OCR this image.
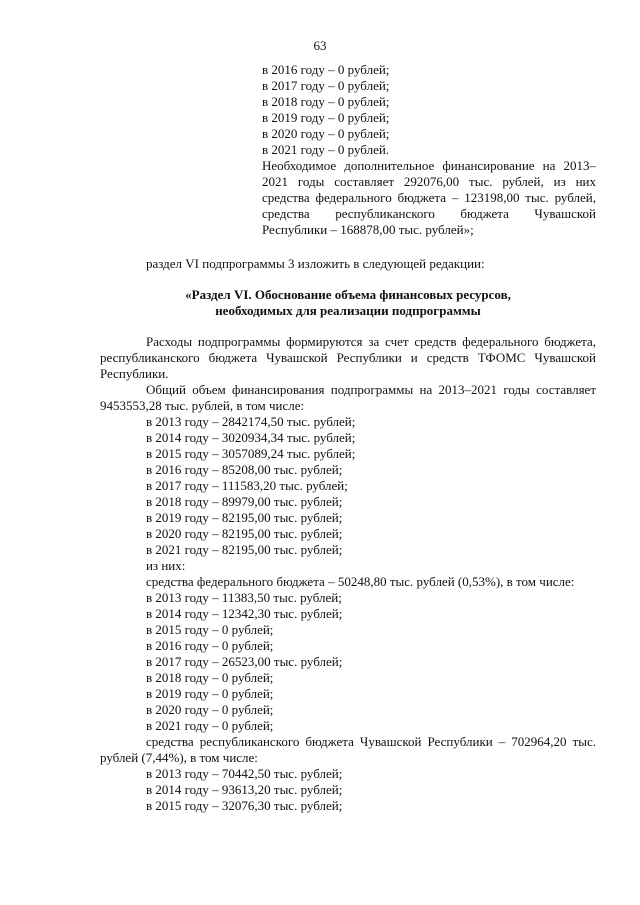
63
в 2016 году – 0 рублей;
в 2017 году – 0 рублей;
в 2018 году – 0 рублей;
в 2019 году – 0 рублей;
в 2020 году – 0 рублей;
в 2021 году – 0 рублей.
Необходимое дополнительное финансирование на 2013–2021 годы составляет 292076,00 тыс. рублей, из них средства федерального бюджета – 123198,00 тыс. рублей, средства республиканского бюджета Чувашской Республики – 168878,00 тыс. рублей»;
раздел VI подпрограммы 3 изложить в следующей редакции:
«Раздел VI. Обоснование объема финансовых ресурсов,
необходимых для реализации подпрограммы
Расходы подпрограммы формируются за счет средств федерального бюджета, республиканского бюджета Чувашской Республики и средств ТФОМС Чувашской Республики.
Общий объем финансирования подпрограммы на 2013–2021 годы составляет 9453553,28 тыс. рублей, в том числе:
в 2013 году – 2842174,50 тыс. рублей;
в 2014 году – 3020934,34 тыс. рублей;
в 2015 году – 3057089,24 тыс. рублей;
в 2016 году – 85208,00 тыс. рублей;
в 2017 году – 111583,20 тыс. рублей;
в 2018 году – 89979,00 тыс. рублей;
в 2019 году – 82195,00 тыс. рублей;
в 2020 году – 82195,00 тыс. рублей;
в 2021 году – 82195,00 тыс. рублей;
из них:
средства федерального бюджета – 50248,80 тыс. рублей (0,53%), в том числе:
в 2013 году – 11383,50 тыс. рублей;
в 2014 году – 12342,30 тыс. рублей;
в 2015 году – 0 рублей;
в 2016 году – 0 рублей;
в 2017 году – 26523,00 тыс. рублей;
в 2018 году – 0 рублей;
в 2019 году – 0 рублей;
в 2020 году – 0 рублей;
в 2021 году – 0 рублей;
средства республиканского бюджета Чувашской Республики – 702964,20 тыс. рублей (7,44%), в том числе:
в 2013 году – 70442,50 тыс. рублей;
в 2014 году – 93613,20 тыс. рублей;
в 2015 году – 32076,30 тыс. рублей;
